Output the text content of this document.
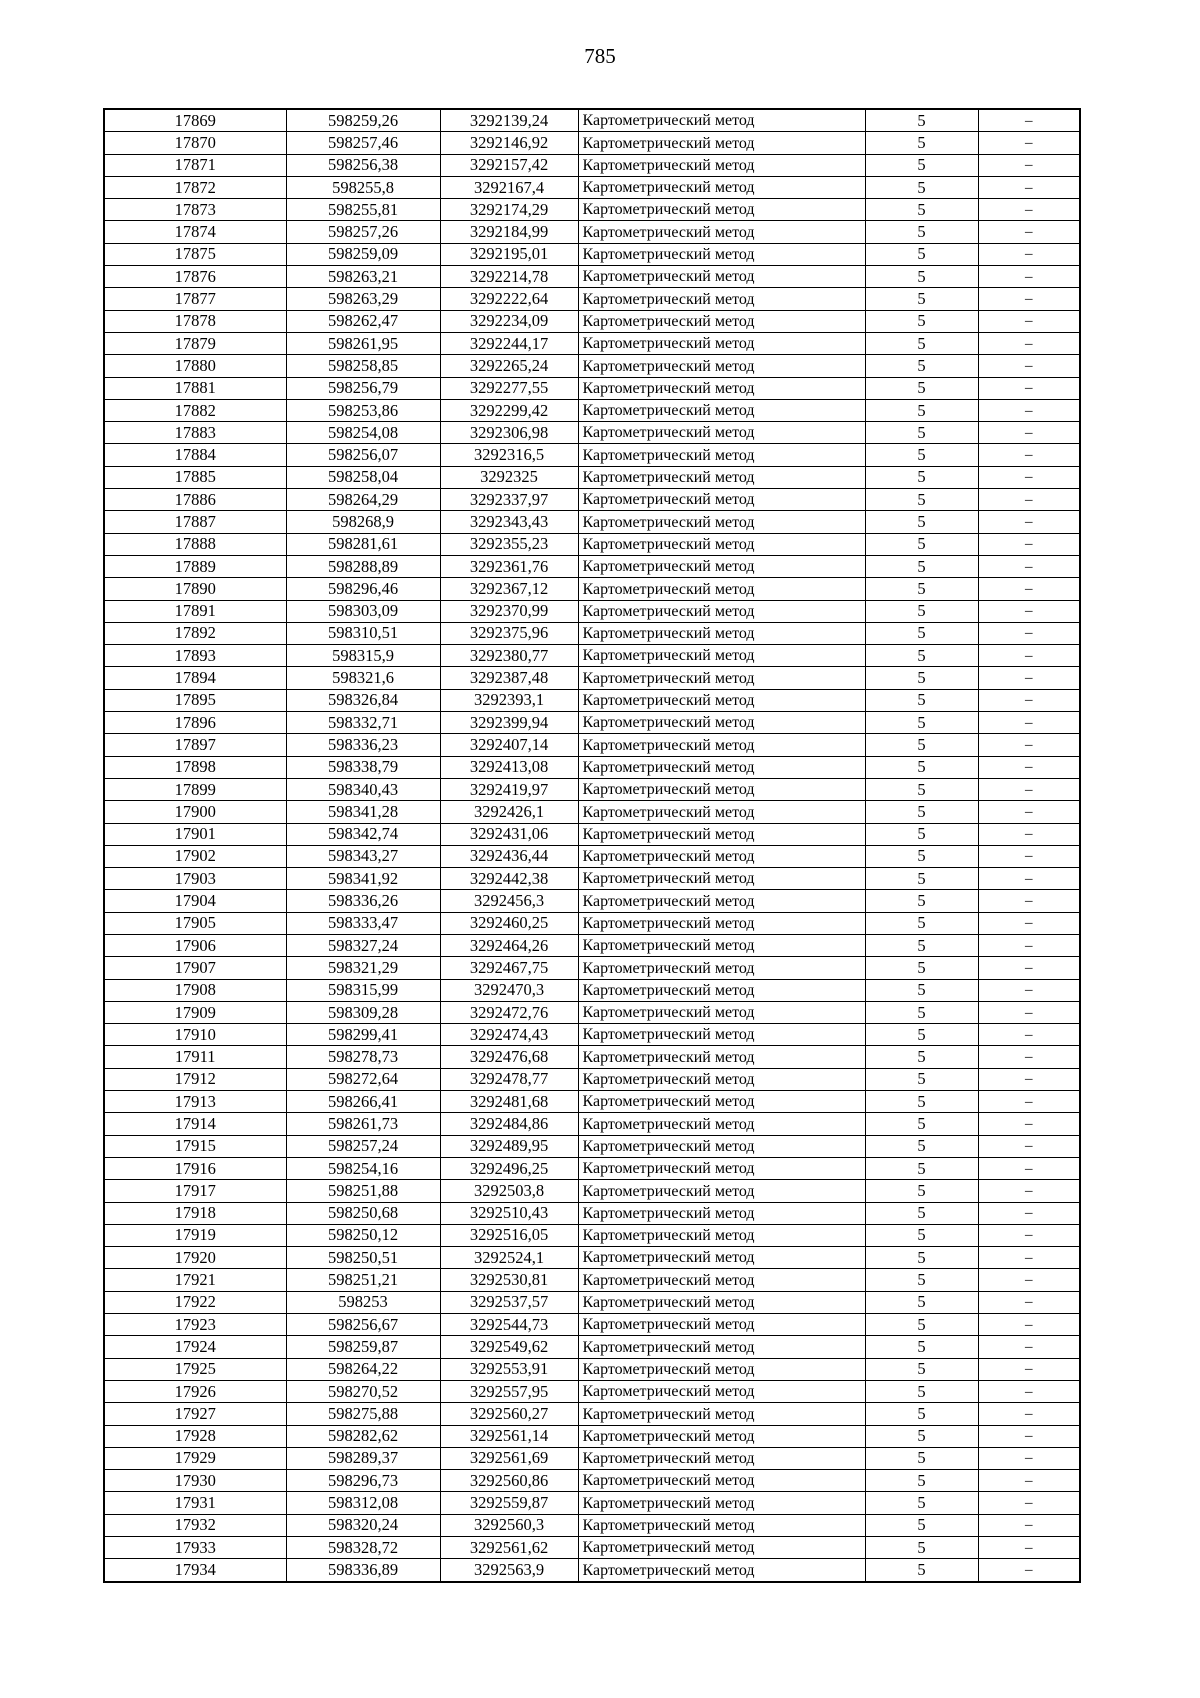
785
17869	598259,26	3292139,24	Картометрический метод	5	–
17870	598257,46	3292146,92	Картометрический метод	5	–
17871	598256,38	3292157,42	Картометрический метод	5	–
17872	598255,8	3292167,4	Картометрический метод	5	–
17873	598255,81	3292174,29	Картометрический метод	5	–
17874	598257,26	3292184,99	Картометрический метод	5	–
17875	598259,09	3292195,01	Картометрический метод	5	–
17876	598263,21	3292214,78	Картометрический метод	5	–
17877	598263,29	3292222,64	Картометрический метод	5	–
17878	598262,47	3292234,09	Картометрический метод	5	–
17879	598261,95	3292244,17	Картометрический метод	5	–
17880	598258,85	3292265,24	Картометрический метод	5	–
17881	598256,79	3292277,55	Картометрический метод	5	–
17882	598253,86	3292299,42	Картометрический метод	5	–
17883	598254,08	3292306,98	Картометрический метод	5	–
17884	598256,07	3292316,5	Картометрический метод	5	–
17885	598258,04	3292325	Картометрический метод	5	–
17886	598264,29	3292337,97	Картометрический метод	5	–
17887	598268,9	3292343,43	Картометрический метод	5	–
17888	598281,61	3292355,23	Картометрический метод	5	–
17889	598288,89	3292361,76	Картометрический метод	5	–
17890	598296,46	3292367,12	Картометрический метод	5	–
17891	598303,09	3292370,99	Картометрический метод	5	–
17892	598310,51	3292375,96	Картометрический метод	5	–
17893	598315,9	3292380,77	Картометрический метод	5	–
17894	598321,6	3292387,48	Картометрический метод	5	–
17895	598326,84	3292393,1	Картометрический метод	5	–
17896	598332,71	3292399,94	Картометрический метод	5	–
17897	598336,23	3292407,14	Картометрический метод	5	–
17898	598338,79	3292413,08	Картометрический метод	5	–
17899	598340,43	3292419,97	Картометрический метод	5	–
17900	598341,28	3292426,1	Картометрический метод	5	–
17901	598342,74	3292431,06	Картометрический метод	5	–
17902	598343,27	3292436,44	Картометрический метод	5	–
17903	598341,92	3292442,38	Картометрический метод	5	–
17904	598336,26	3292456,3	Картометрический метод	5	–
17905	598333,47	3292460,25	Картометрический метод	5	–
17906	598327,24	3292464,26	Картометрический метод	5	–
17907	598321,29	3292467,75	Картометрический метод	5	–
17908	598315,99	3292470,3	Картометрический метод	5	–
17909	598309,28	3292472,76	Картометрический метод	5	–
17910	598299,41	3292474,43	Картометрический метод	5	–
17911	598278,73	3292476,68	Картометрический метод	5	–
17912	598272,64	3292478,77	Картометрический метод	5	–
17913	598266,41	3292481,68	Картометрический метод	5	–
17914	598261,73	3292484,86	Картометрический метод	5	–
17915	598257,24	3292489,95	Картометрический метод	5	–
17916	598254,16	3292496,25	Картометрический метод	5	–
17917	598251,88	3292503,8	Картометрический метод	5	–
17918	598250,68	3292510,43	Картометрический метод	5	–
17919	598250,12	3292516,05	Картометрический метод	5	–
17920	598250,51	3292524,1	Картометрический метод	5	–
17921	598251,21	3292530,81	Картометрический метод	5	–
17922	598253	3292537,57	Картометрический метод	5	–
17923	598256,67	3292544,73	Картометрический метод	5	–
17924	598259,87	3292549,62	Картометрический метод	5	–
17925	598264,22	3292553,91	Картометрический метод	5	–
17926	598270,52	3292557,95	Картометрический метод	5	–
17927	598275,88	3292560,27	Картометрический метод	5	–
17928	598282,62	3292561,14	Картометрический метод	5	–
17929	598289,37	3292561,69	Картометрический метод	5	–
17930	598296,73	3292560,86	Картометрический метод	5	–
17931	598312,08	3292559,87	Картометрический метод	5	–
17932	598320,24	3292560,3	Картометрический метод	5	–
17933	598328,72	3292561,62	Картометрический метод	5	–
17934	598336,89	3292563,9	Картометрический метод	5	–
